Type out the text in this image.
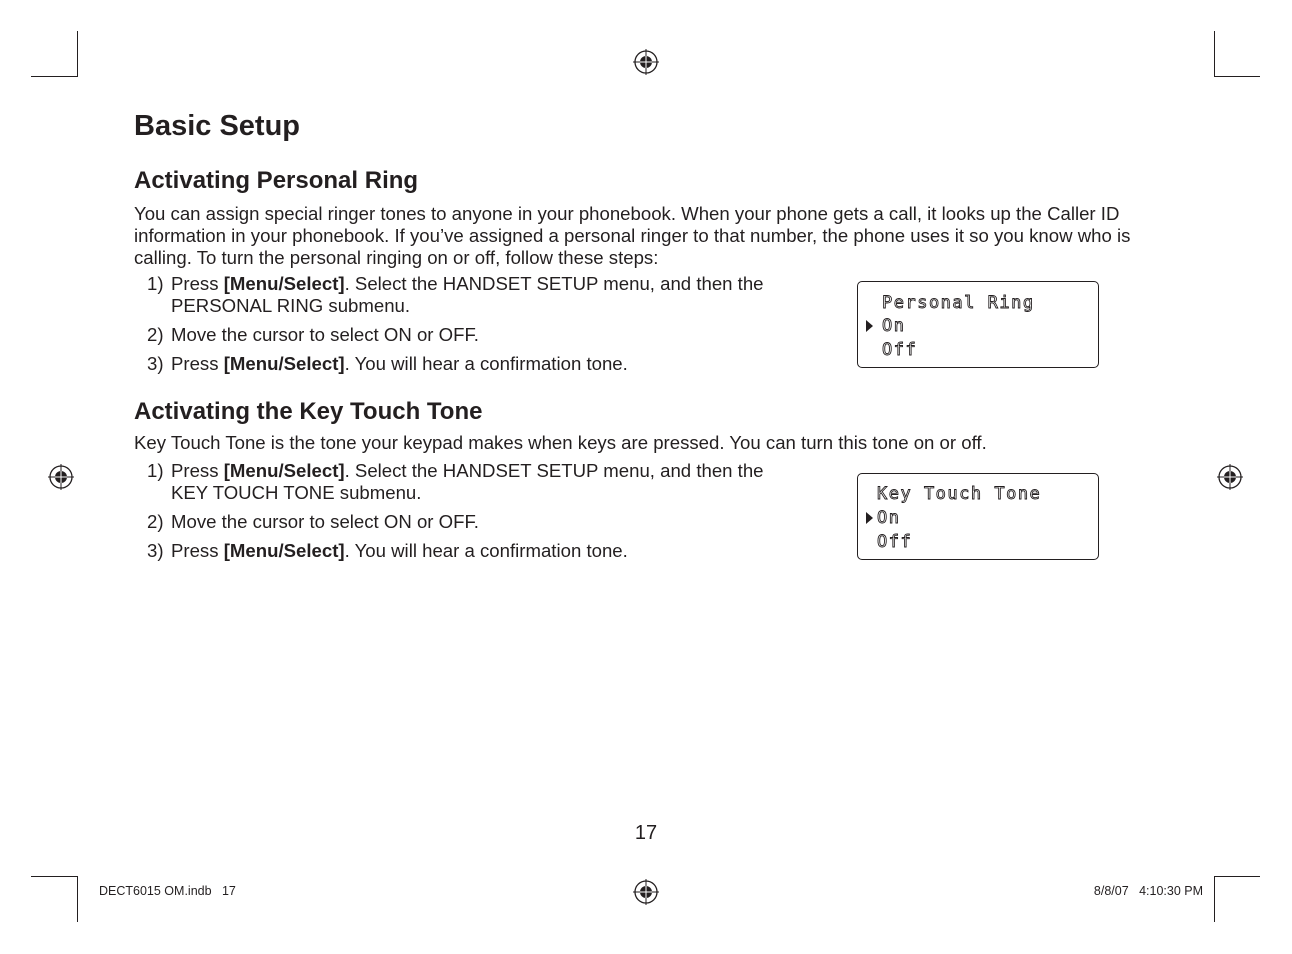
Basic Setup
Activating Personal Ring

You can assign special ringer tones to anyone in your phonebook. When your phone gets a call, it looks up the Caller ID information in your phonebook. If you’ve assigned a personal ringer to that number, the phone uses it so you know who is calling. To turn the personal ringing on or off, follow these steps:

1) Press [Menu/Select]. Select the HANDSET SETUP menu, and then the PERSONAL RING submenu.
2) Move the cursor to select ON or OFF.
3) Press [Menu/Select]. You will hear a confirmation tone.
Personal Ring
On
Off
Activating the Key Touch Tone

Key Touch Tone is the tone your keypad makes when keys are pressed. You can turn this tone on or off.

1) Press [Menu/Select]. Select the HANDSET SETUP menu, and then the KEY TOUCH TONE submenu.
2) Move the cursor to select ON or OFF.
3) Press [Menu/Select]. You will hear a confirmation tone.
Key Touch Tone
On
Off
17
DECT6015 OM.indb   17	8/8/07   4:10:30 PM
